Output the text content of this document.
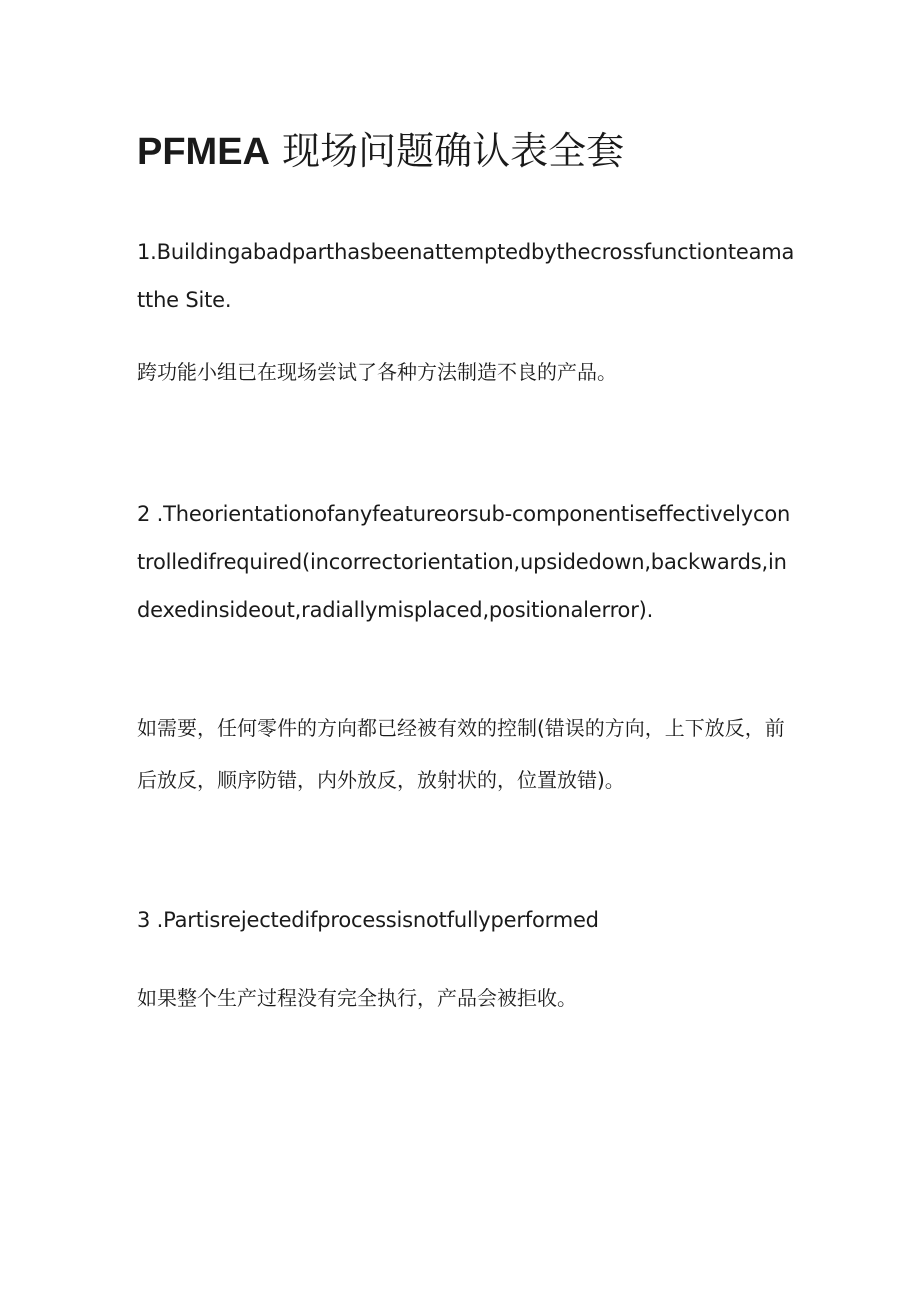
PFMEA 现场问题确认表全套

1.Buildingabadparthasbeenattemptedbythecrossfunctionteamatthe Site.

跨功能小组已在现场尝试了各种方法制造不良的产品。

2 .Theorientationofanyfeatureorsub-componentiseffectivelycontrolledifrequired(incorrectorientation,upsidedown,backwards,indexedinsideout,radiallymisplaced,positionalerror).

如需要，任何零件的方向都已经被有效的控制(错误的方向，上下放反，前后放反，顺序防错，内外放反，放射状的，位置放错)。

3 .Partisrejectedifprocessisnotfullyperformed

如果整个生产过程没有完全执行，产品会被拒收。
